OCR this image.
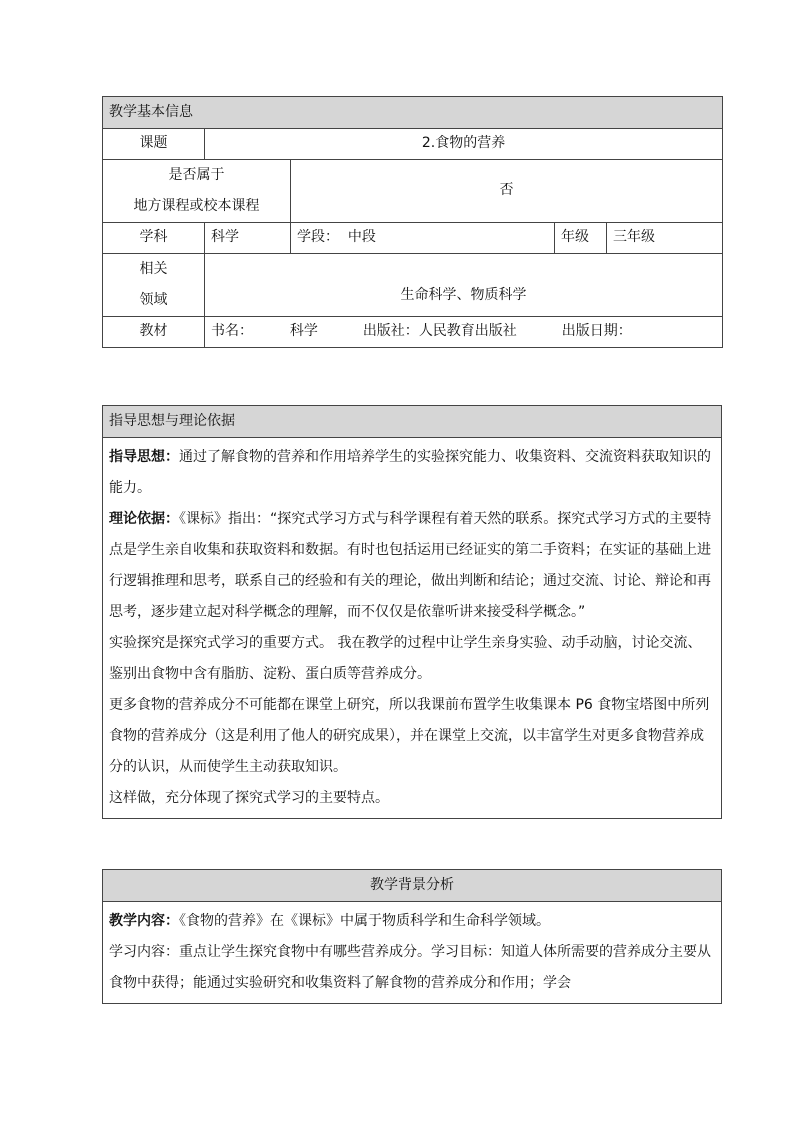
教学基本信息				
课题	2.食物的营养			

是否属于
地方课程或校本课程		否		
学科	科学	学段： 中段	年级	三年级

相关
领域	生命科学、物质科学			
教材	书名： 科学 出版社：人民教育出版社 出版日期：			
指导思想与理论依据

指导思想：通过了解食物的营养和作用培养学生的实验探究能力、收集资料、交流资料获取知识的能力。

理论依据：《课标》指出：“探究式学习方式与科学课程有着天然的联系。探究式学习方式的主要特点是学生亲自收集和获取资料和数据。有时也包括运用已经证实的第二手资料；在实证的基础上进行逻辑推理和思考，联系自己的经验和有关的理论，做出判断和结论；通过交流、讨论、辩论和再思考，逐步建立起对科学概念的理解，而不仅仅是依靠听讲来接受科学概念。”

实验探究是探究式学习的重要方式。 我在教学的过程中让学生亲身实验、动手动脑，讨论交流、鉴别出食物中含有脂肪、淀粉、蛋白质等营养成分。

更多食物的营养成分不可能都在课堂上研究，所以我课前布置学生收集课本 P6 食物宝塔图中所列食物的营养成分（这是利用了他人的研究成果），并在课堂上交流，以丰富学生对更多食物营养成分的认识，从而使学生主动获取知识。

这样做，充分体现了探究式学习的主要特点。

教学背景分析

教学内容：《食物的营养》在《课标》中属于物质科学和生命科学领域。

学习内容：重点让学生探究食物中有哪些营养成分。学习目标：知道人体所需要的营养成分主要从食物中获得；能通过实验研究和收集资料了解食物的营养成分和作用；学会
